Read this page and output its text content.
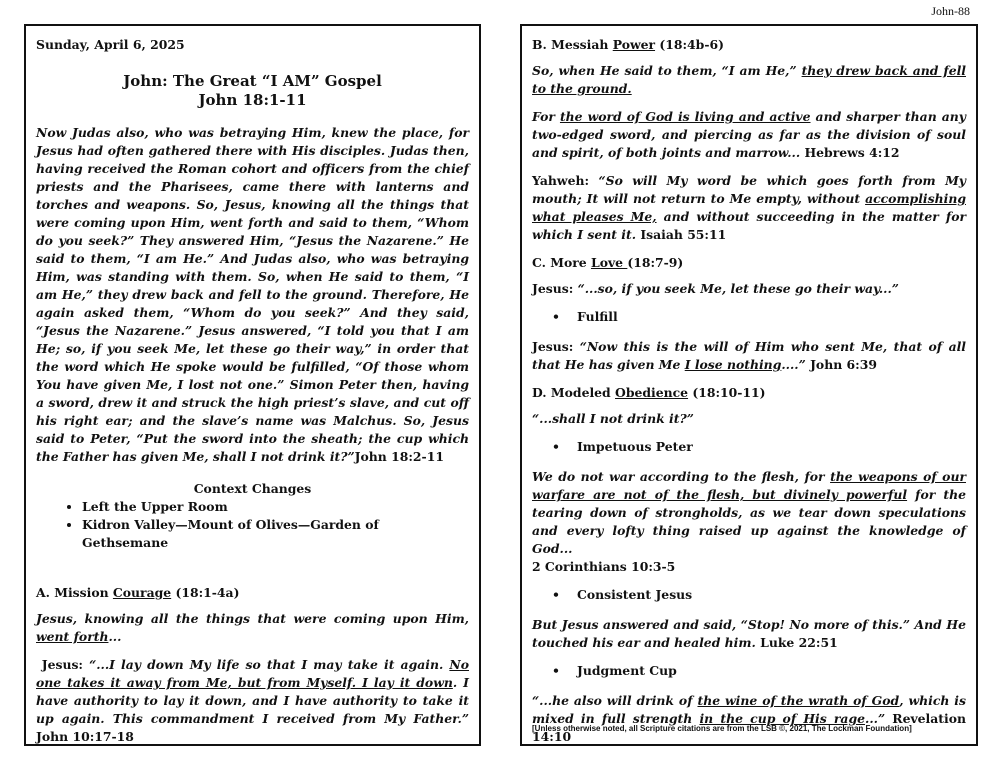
John-88
Sunday, April 6, 2025
John: The Great “I AM” Gospel
John 18:1-11

Now Judas also, who was betraying Him, knew the place, for Jesus had often gathered there with His disciples. Judas then, having received the Roman cohort and officers from the chief priests and the Pharisees, came there with lanterns and torches and weapons. So, Jesus, knowing all the things that were coming upon Him, went forth and said to them, “Whom do you seek?” They answered Him, “Jesus the Nazarene.” He said to them, “I am He.” And Judas also, who was betraying Him, was standing with them. So, when He said to them, “I am He,” they drew back and fell to the ground. Therefore, He again asked them, “Whom do you seek?” And they said, “Jesus the Nazarene.” Jesus answered, “I told you that I am He; so, if you seek Me, let these go their way,” in order that the word which He spoke would be fulfilled, “Of those whom You have given Me, I lost not one.” Simon Peter then, having a sword, drew it and struck the high priest’s slave, and cut off his right ear; and the slave’s name was Malchus. So, Jesus said to Peter, “Put the sword into the sheath; the cup which the Father has given Me, shall I not drink it?”John 18:2-11

Context Changes
• Left the Upper Room
• Kidron Valley—Mount of Olives—Garden of Gethsemane
A. Mission Courage (18:1-4a)

Jesus, knowing all the things that were coming upon Him, went forth...

Jesus: “...I lay down My life so that I may take it again. No one takes it away from Me, but from Myself. I lay it down. I have authority to lay it down, and I have authority to take it up again. This commandment I received from My Father.” John 10:17-18

B. Messiah Power (18:4b-6)

So, when He said to them, “I am He,” they drew back and fell to the ground.

For the word of God is living and active and sharper than any two-edged sword, and piercing as far as the division of soul and spirit, of both joints and marrow... Hebrews 4:12

Yahweh: “So will My word be which goes forth from My mouth; It will not return to Me empty, without accomplishing what pleases Me, and without succeeding in the matter for which I sent it. Isaiah 55:11

C. More Love (18:7-9)

Jesus: “...so, if you seek Me, let these go their way...”

• Fulfill

Jesus: “Now this is the will of Him who sent Me, that of all that He has given Me I lose nothing....” John 6:39

D. Modeled Obedience (18:10-11)

“...shall I not drink it?”

• Impetuous Peter

We do not war according to the flesh, for the weapons of our warfare are not of the flesh, but divinely powerful for the tearing down of strongholds, as we tear down speculations and every lofty thing raised up against the knowledge of God...
2 Corinthians 10:3-5

• Consistent Jesus

But Jesus answered and said, “Stop! No more of this.” And He touched his ear and healed him. Luke 22:51

• Judgment Cup

“...he also will drink of the wine of the wrath of God, which is mixed in full strength in the cup of His rage...” Revelation 14:10

[Unless otherwise noted, all Scripture citations are from the LSB ©, 2021, The Lockman Foundation]
